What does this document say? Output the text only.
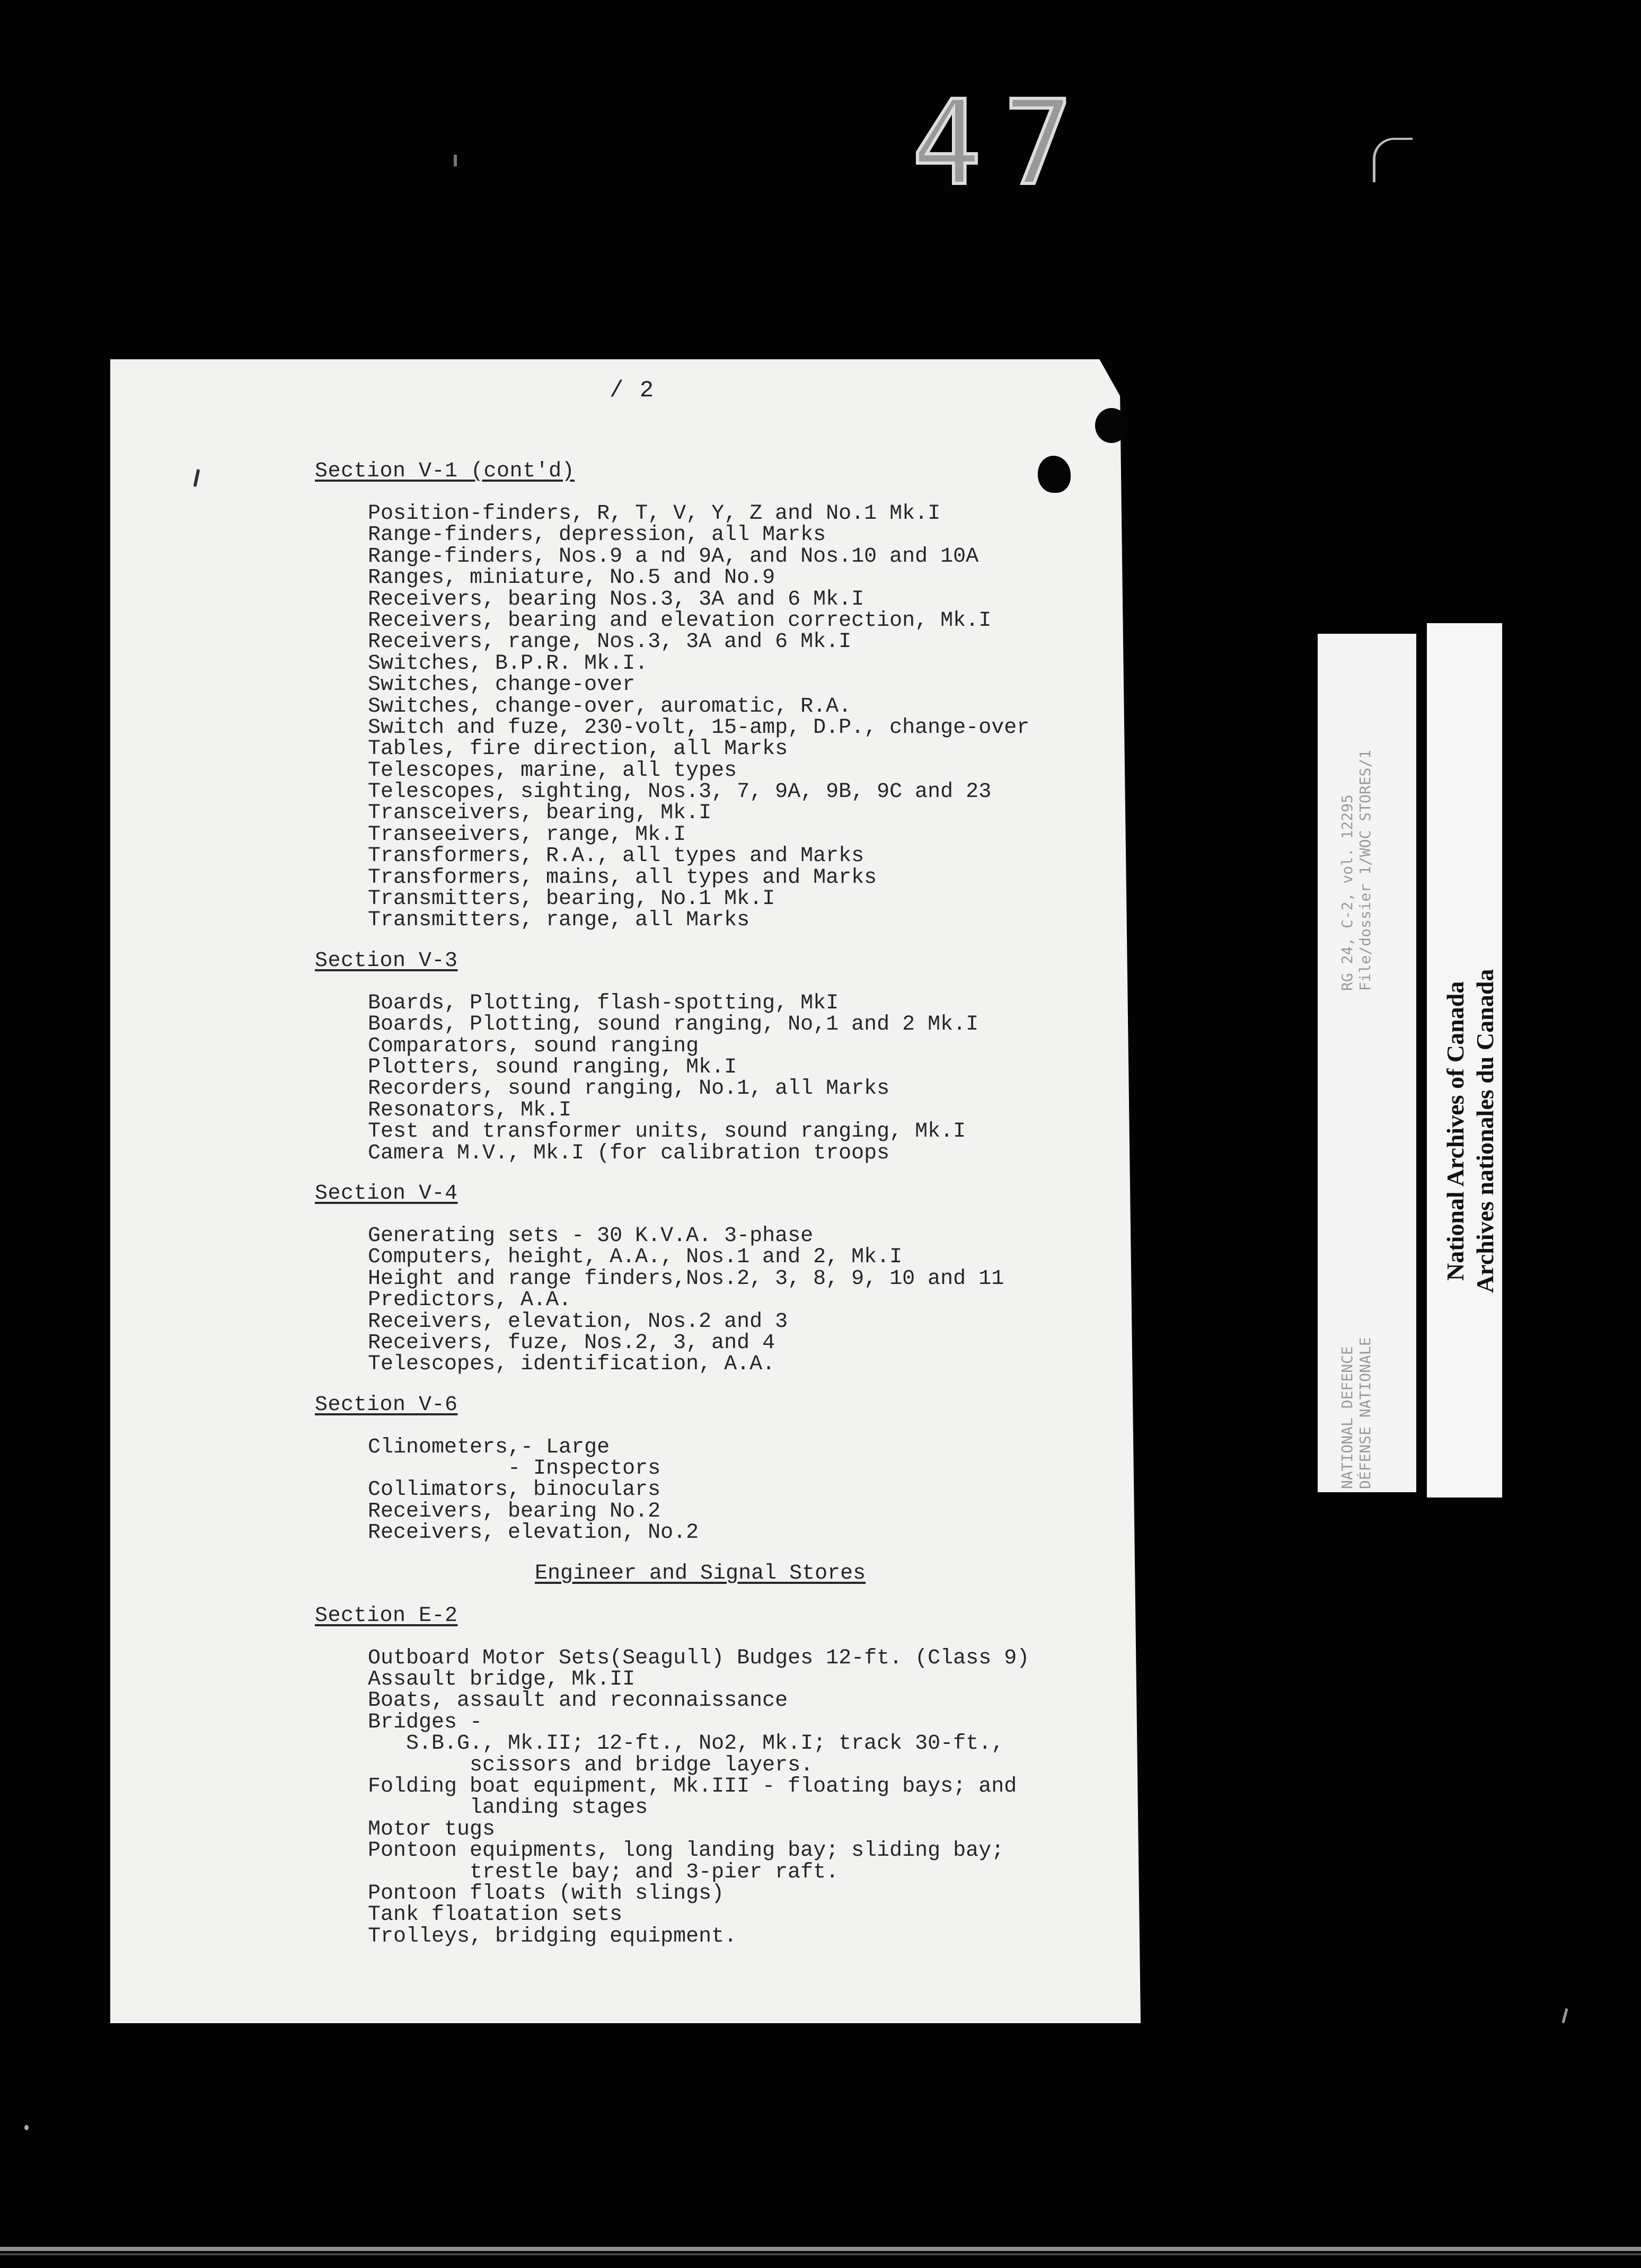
47
/ 2
Section V-1 (cont'd)
Position-finders, R, T, V, Y, Z and No.1 Mk.I
Range-finders, depression, all Marks
Range-finders, Nos.9 a nd 9A, and Nos.10 and 10A
Ranges, miniature, No.5 and No.9
Receivers, bearing Nos.3, 3A and 6 Mk.I
Receivers, bearing and elevation correction, Mk.I
Receivers, range, Nos.3, 3A and 6 Mk.I
Switches, B.P.R. Mk.I.
Switches, change-over
Switches, change-over, auromatic, R.A.
Switch and fuze, 230-volt, 15-amp, D.P., change-over
Tables, fire direction, all Marks
Telescopes, marine, all types
Telescopes, sighting, Nos.3, 7, 9A, 9B, 9C and 23
Transceivers, bearing, Mk.I
Transeeivers, range, Mk.I
Transformers, R.A., all types and Marks
Transformers, mains, all types and Marks
Transmitters, bearing, No.1 Mk.I
Transmitters, range, all Marks
Section V-3
Boards, Plotting, flash-spotting, MkI
Boards, Plotting, sound ranging, No,1 and 2 Mk.I
Comparators, sound ranging
Plotters, sound ranging, Mk.I
Recorders, sound ranging, No.1, all Marks
Resonators, Mk.I
Test and transformer units, sound ranging, Mk.I
Camera M.V., Mk.I (for calibration troops
Section V-4
Generating sets - 30 K.V.A. 3-phase
Computers, height, A.A., Nos.1 and 2, Mk.I
Height and range finders,Nos.2, 3, 8, 9, 10 and 11
Predictors, A.A.
Receivers, elevation, Nos.2 and 3
Receivers, fuze, Nos.2, 3, and 4
Telescopes, identification, A.A.
Section V-6
Clinometers,- Large
- Inspectors
Collimators, binoculars
Receivers, bearing No.2
Receivers, elevation, No.2
Engineer and Signal Stores
Section E-2
Outboard Motor Sets(Seagull) Budges 12-ft. (Class 9)
Assault bridge, Mk.II
Boats, assault and reconnaissance
Bridges -
S.B.G., Mk.II; 12-ft., No2, Mk.I; track 30-ft.,
scissors and bridge layers.
Folding boat equipment, Mk.III - floating bays; and
landing stages
Motor tugs
Pontoon equipments, long landing bay; sliding bay;
trestle bay; and 3-pier raft.
Pontoon floats (with slings)
Tank floatation sets
Trolleys, bridging equipment.
RG 24, C-2, vol. 12295 File/dossier 1/WOC STORES/1
NATIONAL DEFENCE DÉFENSE NATIONALE
National Archives of Canada Archives nationales du Canada
